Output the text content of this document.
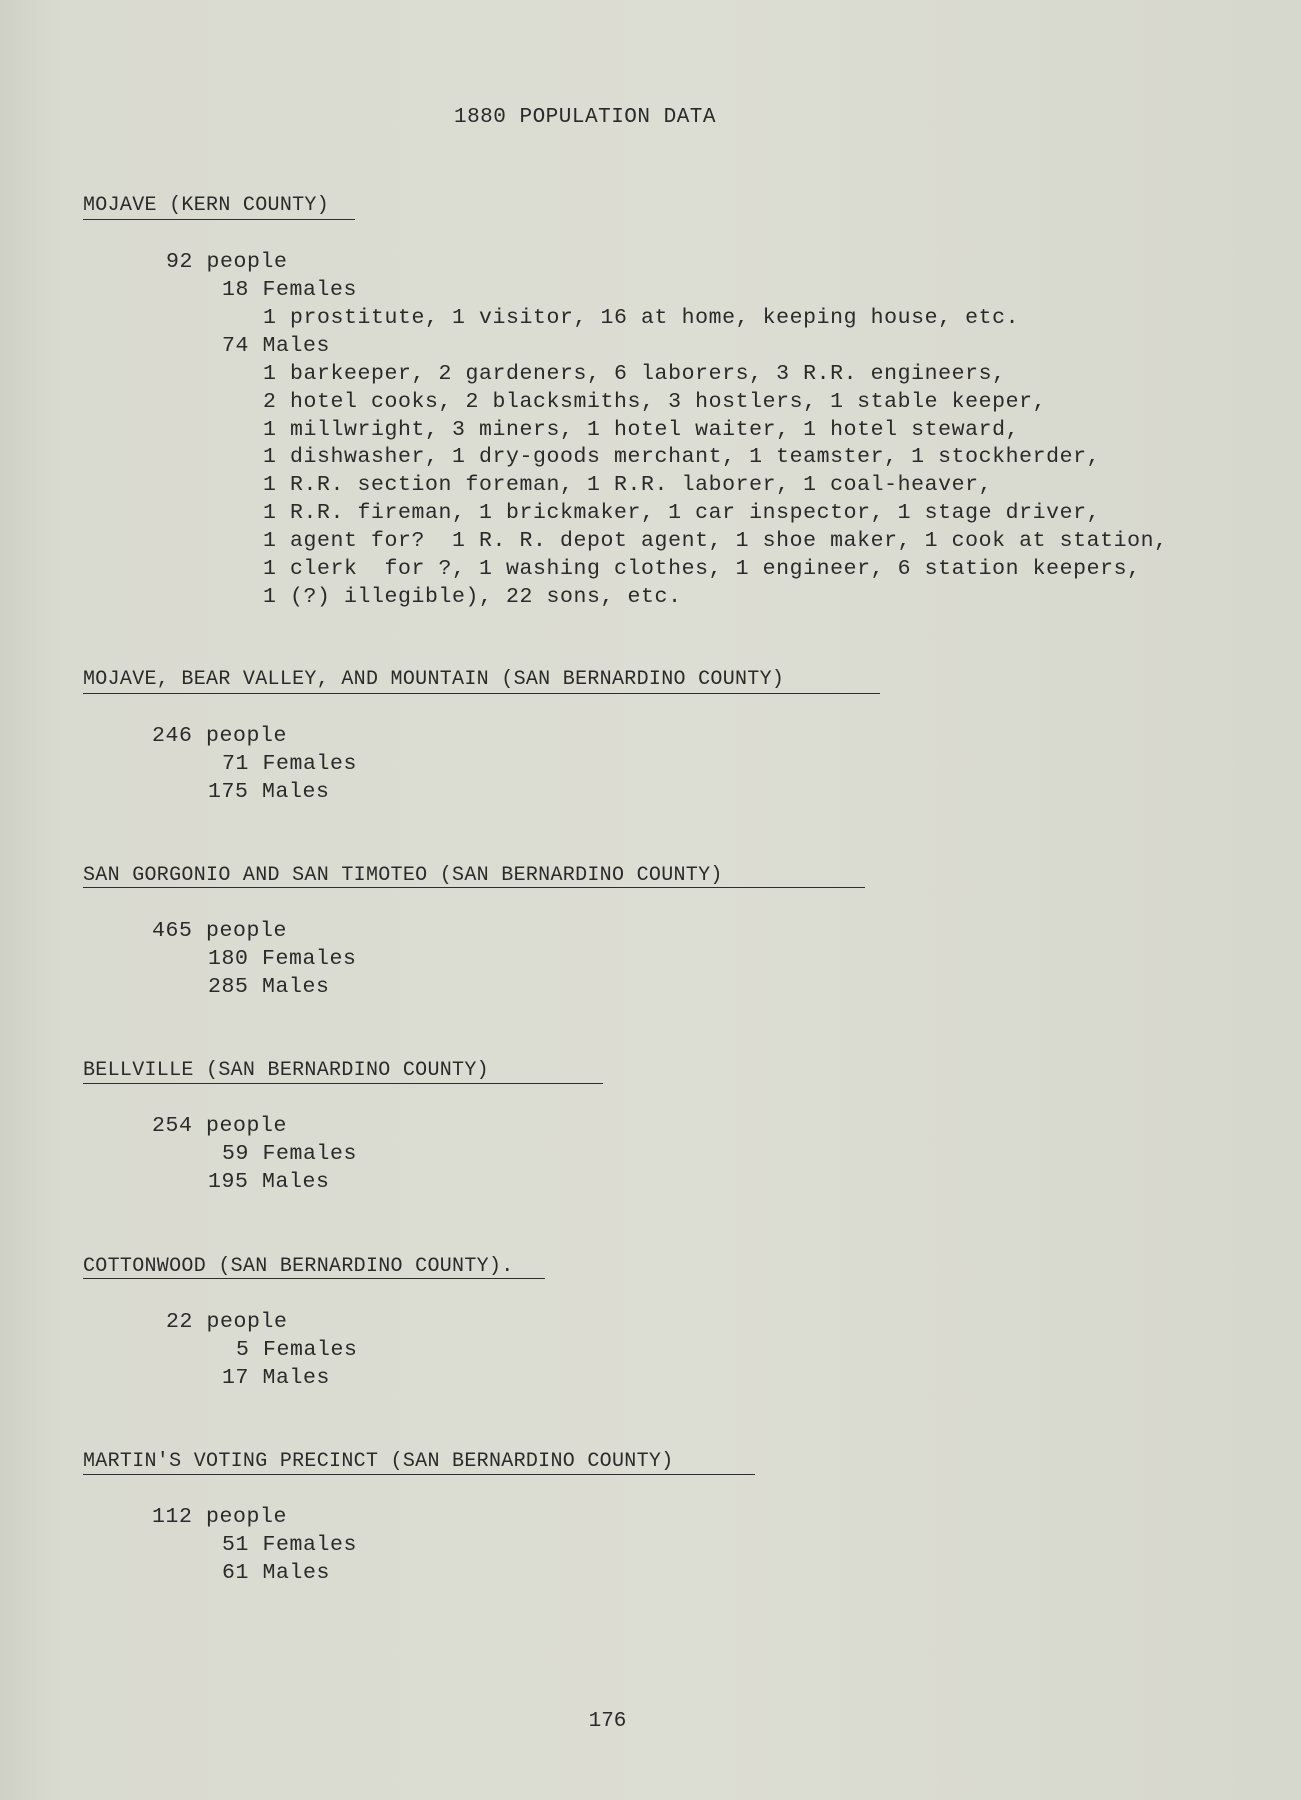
1880 POPULATION DATA
MOJAVE (KERN COUNTY)
92 people
18 Females
1 prostitute, 1 visitor, 16 at home, keeping house, etc.
74 Males
1 barkeeper, 2 gardeners, 6 laborers, 3 R.R. engineers,
2 hotel cooks, 2 blacksmiths, 3 hostlers, 1 stable keeper,
1 millwright, 3 miners, 1 hotel waiter, 1 hotel steward,
1 dishwasher, 1 dry-goods merchant, 1 teamster, 1 stockherder,
1 R.R. section foreman, 1 R.R. laborer, 1 coal-heaver,
1 R.R. fireman, 1 brickmaker, 1 car inspector, 1 stage driver,
1 agent for?  1 R. R. depot agent, 1 shoe maker, 1 cook at station,
1 clerk  for ?, 1 washing clothes, 1 engineer, 6 station keepers,
1 (?) illegible), 22 sons, etc.
MOJAVE, BEAR VALLEY, AND MOUNTAIN (SAN BERNARDINO COUNTY)
246 people
71 Females
175 Males
SAN GORGONIO AND SAN TIMOTEO (SAN BERNARDINO COUNTY)
465 people
180 Females
285 Males
BELLVILLE (SAN BERNARDINO COUNTY)
254 people
59 Females
195 Males
COTTONWOOD (SAN BERNARDINO COUNTY).
22 people
5 Females
17 Males
MARTIN'S VOTING PRECINCT (SAN BERNARDINO COUNTY)
112 people
51 Females
61 Males
176
